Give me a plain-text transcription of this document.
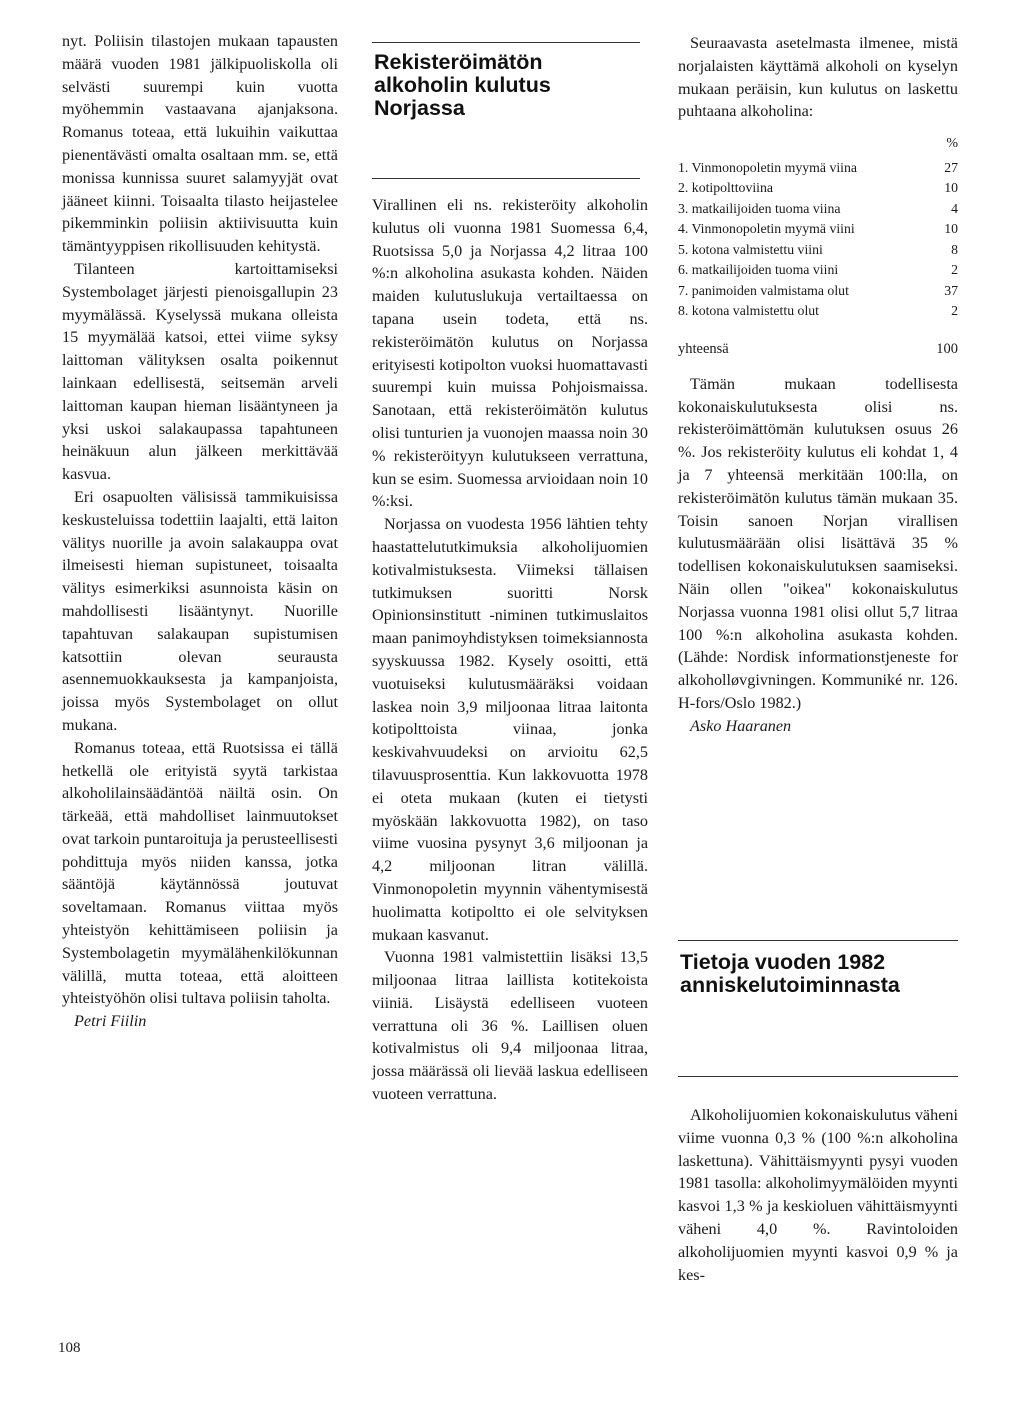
nyt. Poliisin tilastojen mukaan tapausten määrä vuoden 1981 jälkipuoliskolla oli selvästi suurempi kuin vuotta myöhemmin vastaavana ajanjaksona. Romanus toteaa, että lukuihin vaikuttaa pienentävästi omalta osaltaan mm. se, että monissa kunnissa suuret salamyyjät ovat jääneet kiinni. Toisaalta tilasto heijastelee pikemminkin poliisin aktiivisuutta kuin tämäntyyppisen rikollisuuden kehitystä.

Tilanteen kartoittamiseksi Systembolaget järjesti pienoisgallupin 23 myymälässä. Kyselyssä mukana olleista 15 myymälää katsoi, ettei viime syksy laittoman välityksen osalta poikennut lainkaan edellisestä, seitsemän arveli laittoman kaupan hieman lisääntyneen ja yksi uskoi salakaupassa tapahtuneen heinäkuun alun jälkeen merkittävää kasvua.

Eri osapuolten välisissä tammikuisissa keskusteluissa todettiin laajalti, että laiton välitys nuorille ja avoin salakauppa ovat ilmeisesti hieman supistuneet, toisaalta välitys esimerkiksi asunnoista käsin on mahdollisesti lisääntynyt. Nuorille tapahtuvan salakaupan supistumisen katsottiin olevan seurausta asennemuokkauksesta ja kampanjoista, joissa myös Systembolaget on ollut mukana.

Romanus toteaa, että Ruotsissa ei tällä hetkellä ole erityistä syytä tarkistaa alkoholilainsäädäntöä näiltä osin. On tärkeää, että mahdolliset lainmuutokset ovat tarkoin puntaroituja ja perusteellisesti pohdittuja myös niiden kanssa, jotka sääntöjä käytännössä joutuvat soveltamaan. Romanus viittaa myös yhteistyön kehittämiseen poliisin ja Systembolagetin myymälähenkilökunnan välillä, mutta toteaa, että aloitteen yhteistyöhön olisi tultava poliisin taholta.

Petri Fiilin

Rekisteröimätön alkoholin kulutus Norjassa

Virallinen eli ns. rekisteröity alkoholin kulutus oli vuonna 1981 Suomessa 6,4, Ruotsissa 5,0 ja Norjassa 4,2 litraa 100 %:n alkoholina asukasta kohden. Näiden maiden kulutuslukuja vertailtaessa on tapana usein todeta, että ns. rekisteröimätön kulutus on Norjassa erityisesti kotipolton vuoksi huomattavasti suurempi kuin muissa Pohjoismaissa. Sanotaan, että rekisteröimätön kulutus olisi tunturien ja vuonojen maassa noin 30 % rekisteröityyn kulutukseen verrattuna, kun se esim. Suomessa arvioidaan noin 10 %:ksi.

Norjassa on vuodesta 1956 lähtien tehty haastattelututkimuksia alkoholijuomien kotivalmistuksesta. Viimeksi tällaisen tutkimuksen suoritti Norsk Opinionsinstitutt -niminen tutkimuslaitos maan panimoyhdistyksen toimeksiannosta syyskuussa 1982. Kysely osoitti, että vuotuiseksi kulutusmääräksi voidaan laskea noin 3,9 miljoonaa litraa laitonta kotipolttoista viinaa, jonka keskivahvuudeksi on arvioitu 62,5 tilavuusprosenttia. Kun lakkovuotta 1978 ei oteta mukaan (kuten ei tietysti myöskään lakkovuotta 1982), on taso viime vuosina pysynyt 3,6 miljoonan ja 4,2 miljoonan litran välillä. Vinmonopoletin myynnin vähentymisestä huolimatta kotipoltto ei ole selvityksen mukaan kasvanut.

Vuonna 1981 valmistettiin lisäksi 13,5 miljoonaa litraa laillista kotitekoista viiniä. Lisäystä edelliseen vuoteen verrattuna oli 36 %. Laillisen oluen kotivalmistus oli 9,4 miljoonaa litraa, jossa määrässä oli lievää laskua edelliseen vuoteen verrattuna.

Seuraavasta asetelmasta ilmenee, mistä norjalaisten käyttämä alkoholi on kyselyn mukaan peräisin, kun kulutus on laskettu puhtaana alkoholina:

%
1. Vinmonopoletin myymä viina	27
2. kotipolttoviina	10
3. matkailijoiden tuoma viina	4
4. Vinmonopoletin myymä viini	10
5. kotona valmistettu viini	8
6. matkailijoiden tuoma viini	2
7. panimoiden valmistama olut	37
8. kotona valmistettu olut	2
yhteensä	100

Tämän mukaan todellisesta kokonaiskulutuksesta olisi ns. rekisteröimättömän kulutuksen osuus 26 %. Jos rekisteröity kulutus eli kohdat 1, 4 ja 7 yhteensä merkitään 100:lla, on rekisteröimätön kulutus tämän mukaan 35. Toisin sanoen Norjan virallisen kulutusmäärään olisi lisättävä 35 % todellisen kokonaiskulutuksen saamiseksi. Näin ollen "oikea" kokonaiskulutus Norjassa vuonna 1981 olisi ollut 5,7 litraa 100 %:n alkoholina asukasta kohden. (Lähde: Nordisk informationstjeneste for alkoholløvgivningen. Kommuniké nr. 126. H-fors/Oslo 1982.)

Asko Haaranen

Tietoja vuoden 1982 anniskelutoiminnasta

Alkoholijuomien kokonaiskulutus väheni viime vuonna 0,3 % (100 %:n alkoholina laskettuna). Vähittäismyynti pysyi vuoden 1981 tasolla: alkoholimyymälöiden myynti kasvoi 1,3 % ja keskioluen vähittäismyynti väheni 4,0 %. Ravintoloiden alkoholijuomien myynti kasvoi 0,9 % ja kes-

108
